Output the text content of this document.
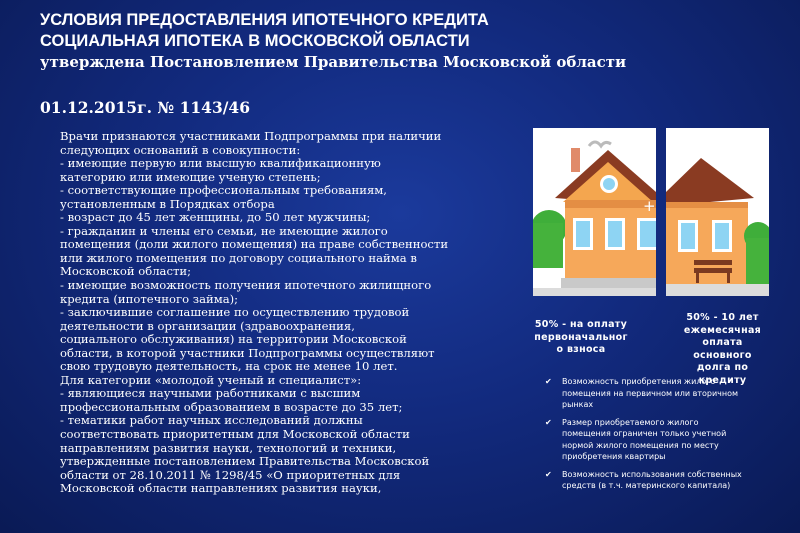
УСЛОВИЯ ПРЕДОСТАВЛЕНИЯ ИПОТЕЧНОГО КРЕДИТА
СОЦИАЛЬНАЯ ИПОТЕКА В МОСКОВСКОЙ ОБЛАСТИ
утверждена Постановлением Правительства Московской области
01.12.2015г. № 1143/46
Врачи признаются участниками Подпрограммы при наличии
следующих оснований в совокупности:
- имеющие первую или высшую квалификационную
категорию или имеющие ученую степень;
- соответствующие профессиональным требованиям,
установленным в Порядках отбора
- возраст до 45 лет женщины, до 50 лет мужчины;
- гражданин и члены его семьи, не имеющие жилого
помещения (доли жилого помещения) на праве собственности
или жилого помещения по договору социального найма в
Московской области;
- имеющие возможность получения ипотечного жилищного
кредита (ипотечного займа);
- заключившие соглашение по осуществлению трудовой
деятельности в организации (здравоохранения,
социального обслуживания) на территории Московской
области, в которой участники Подпрограммы осуществляют
свою трудовую деятельность, на срок не менее 10 лет.
Для категории «молодой ученый и специалист»:
- являющиеся научными работниками с высшим
профессиональным образованием в возрасте до 35 лет;
- тематики работ научных исследований должны
соответствовать приоритетным для Московской области
направлениям развития науки, технологий и техники,
утвержденные постановлением Правительства Московской
области от 28.10.2011 № 1298/45 «О приоритетных для
Московской области направлениях развития науки,
+
50% - на оплату
первоначальног
о взноса
50% - 10 лет
ежемесячная
оплата
основного
долга по
кредиту
✔ Возможность приобретения жилого
помещения на первичном или вторичном
рынках
✔ Размер приобретаемого жилого
помещения ограничен только учетной
нормой жилого помещения по месту
приобретения квартиры
✔ Возможность использования собственных
средств (в т.ч. материнского капитала)
